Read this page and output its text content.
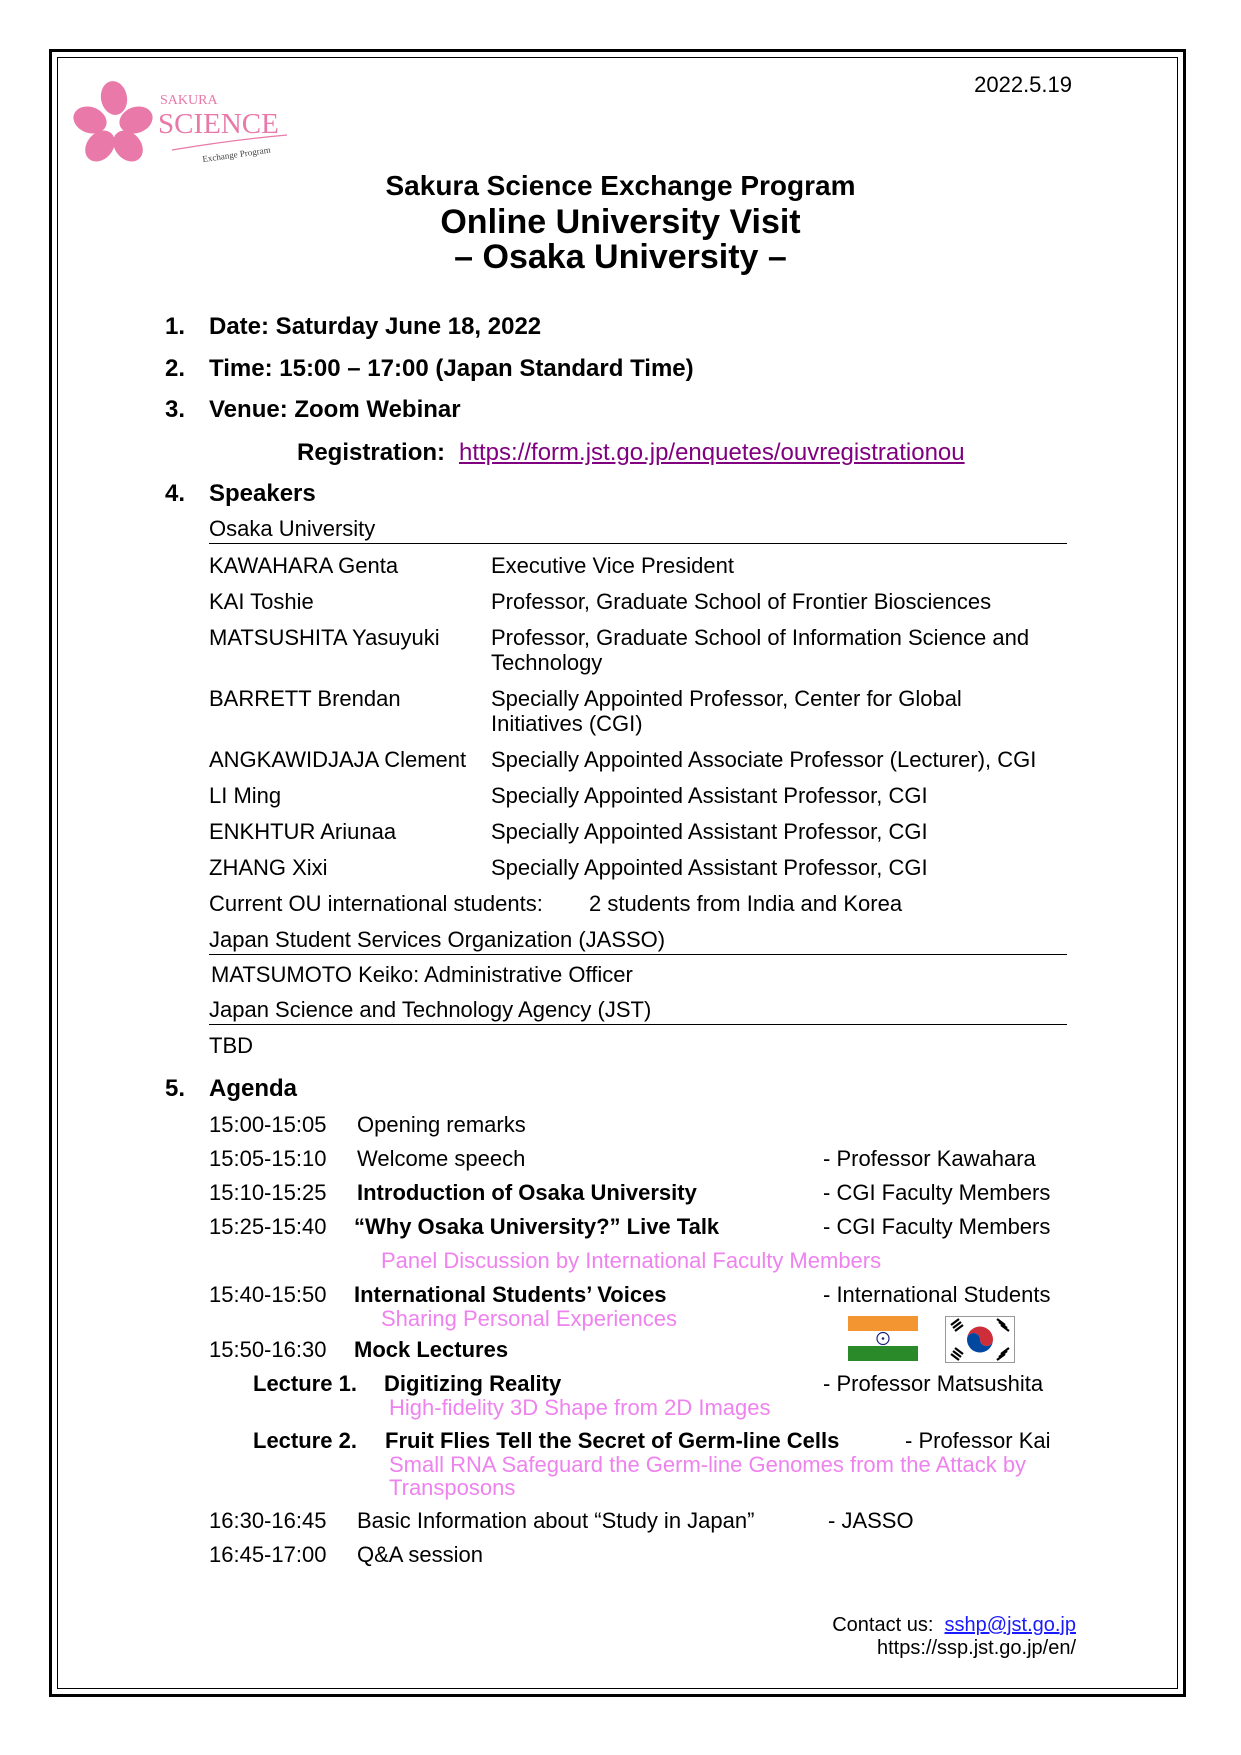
2022.5.19
SAKURA
SCIENCE
Exchange Program
Sakura Science Exchange Program
Online University Visit
– Osaka University –
1. Date: Saturday June 18, 2022
2. Time: 15:00 – 17:00 (Japan Standard Time)
3. Venue: Zoom Webinar
Registration: https://form.jst.go.jp/enquetes/ouvregistrationou
4. Speakers
Osaka University
KAWAHARA Genta	Executive Vice President
KAI Toshie	Professor, Graduate School of Frontier Biosciences
MATSUSHITA Yasuyuki Professor, Graduate School of Information Science and Technology
BARRETT Brendan	Specially Appointed Professor, Center for Global Initiatives (CGI)
ANGKAWIDJAJA Clement Specially Appointed Associate Professor (Lecturer), CGI
LI Ming	Specially Appointed Assistant Professor, CGI
ENKHTUR Ariunaa	Specially Appointed Assistant Professor, CGI
ZHANG Xixi	Specially Appointed Assistant Professor, CGI
Current OU international students: 2 students from India and Korea
Japan Student Services Organization (JASSO)
MATSUMOTO Keiko: Administrative Officer
Japan Science and Technology Agency (JST)
TBD
5. Agenda
15:00-15:05 Opening remarks
15:05-15:10 Welcome speech	- Professor Kawahara
15:10-15:25 Introduction of Osaka University	- CGI Faculty Members
15:25-15:40 “Why Osaka University?” Live Talk	- CGI Faculty Members
Panel Discussion by International Faculty Members
15:40-15:50 International Students’ Voices	- International Students
Sharing Personal Experiences
15:50-16:30 Mock Lectures
Lecture 1. Digitizing Reality	- Professor Matsushita
High-fidelity 3D Shape from 2D Images
Lecture 2. Fruit Flies Tell the Secret of Germ-line Cells	- Professor Kai
Small RNA Safeguard the Germ-line Genomes from the Attack by
Transposons
16:30-16:45 Basic Information about “Study in Japan”	- JASSO
16:45-17:00 Q&A session
Contact us: sshp@jst.go.jp
https://ssp.jst.go.jp/en/
